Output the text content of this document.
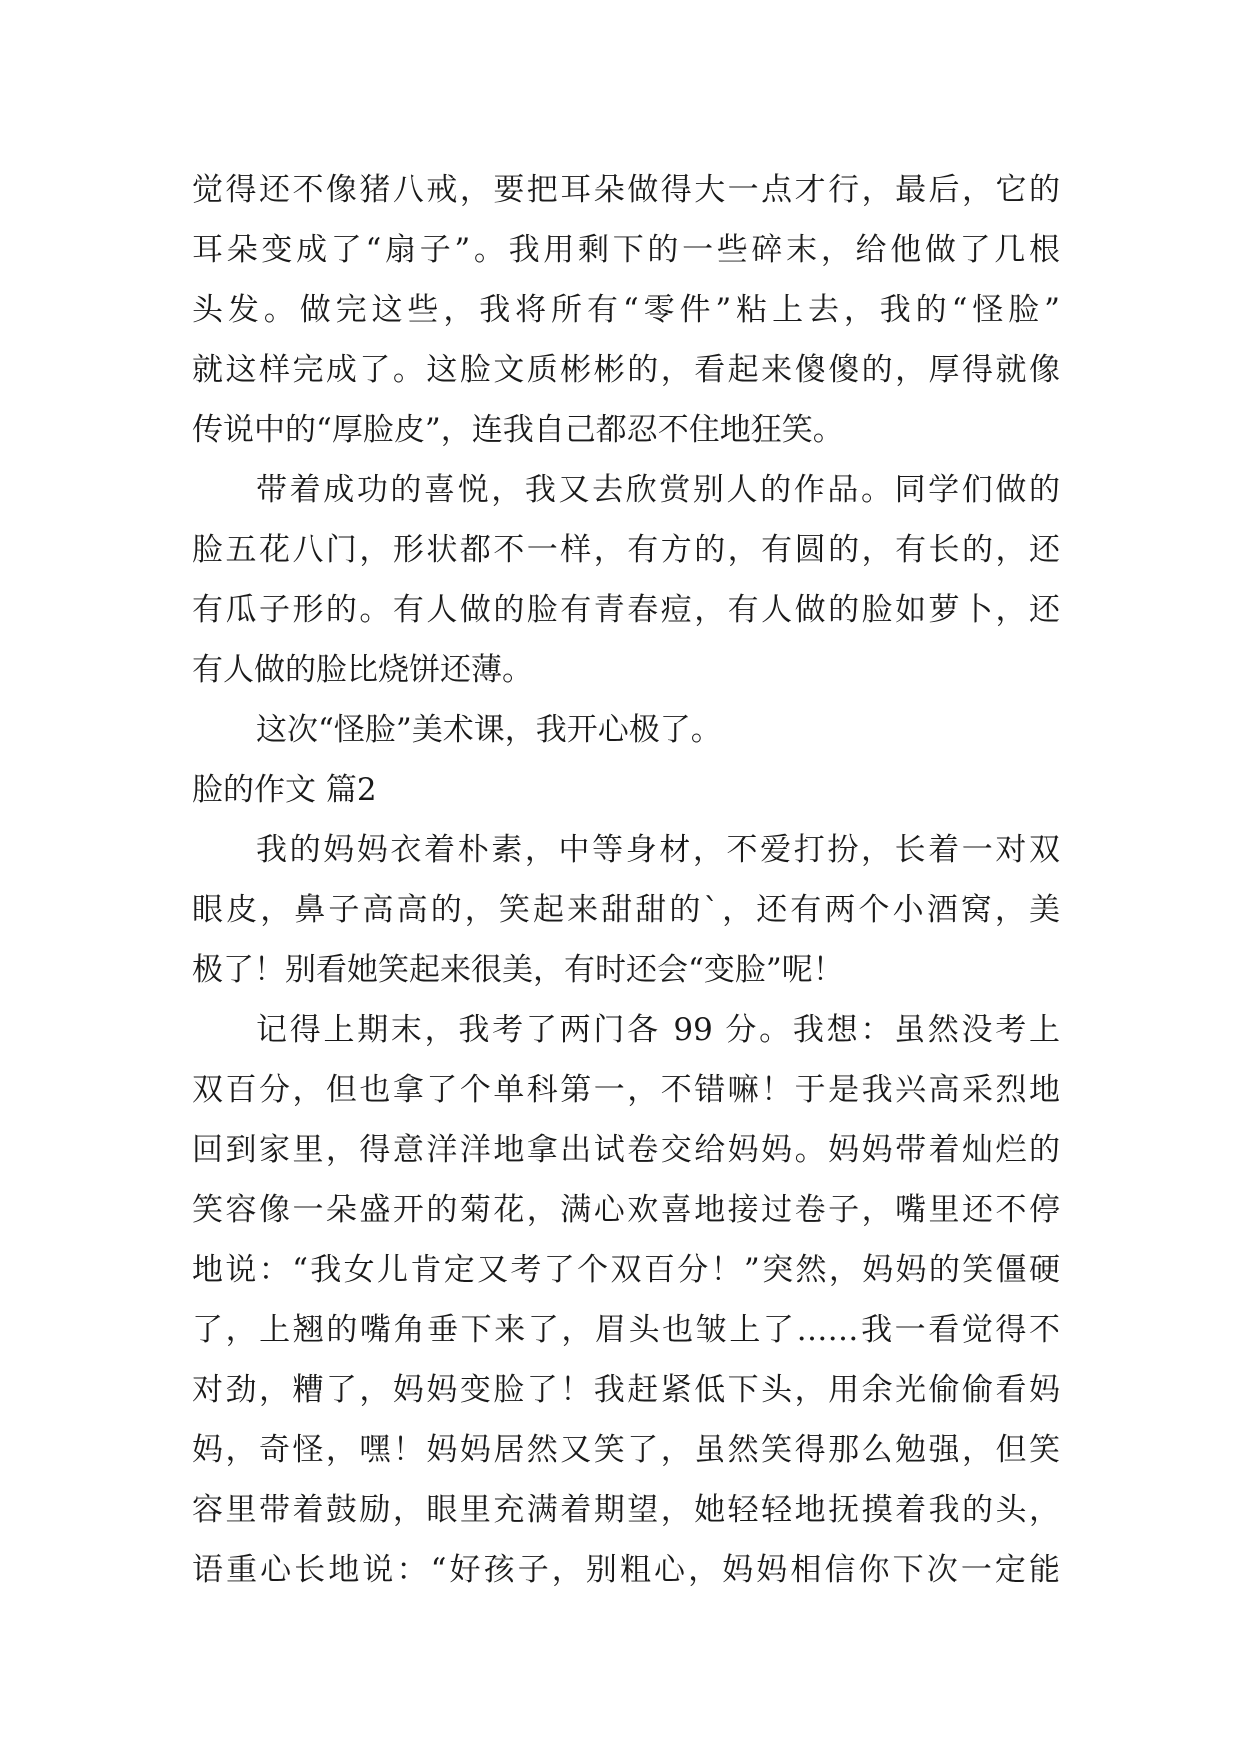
觉得还不像猪八戒，要把耳朵做得大一点才行，最后，它的
耳朵变成了“扇子”。我用剩下的一些碎末，给他做了几根
头发。做完这些，我将所有“零件”粘上去，我的“怪脸”
就这样完成了。这脸文质彬彬的，看起来傻傻的，厚得就像
传说中的“厚脸皮”，连我自己都忍不住地狂笑。
带着成功的喜悦，我又去欣赏别人的作品。同学们做的
脸五花八门，形状都不一样，有方的，有圆的，有长的，还
有瓜子形的。有人做的脸有青春痘，有人做的脸如萝卜，还
有人做的脸比烧饼还薄。
这次“怪脸”美术课，我开心极了。
脸的作文 篇2
我的妈妈衣着朴素，中等身材，不爱打扮，长着一对双
眼皮，鼻子高高的，笑起来甜甜的`，还有两个小酒窝，美
极了！别看她笑起来很美，有时还会“变脸”呢！
记得上期末，我考了两门各 99 分。我想：虽然没考上
双百分，但也拿了个单科第一，不错嘛！于是我兴高采烈地
回到家里，得意洋洋地拿出试卷交给妈妈。妈妈带着灿烂的
笑容像一朵盛开的菊花，满心欢喜地接过卷子，嘴里还不停
地说：“我女儿肯定又考了个双百分！”突然，妈妈的笑僵硬
了，上翘的嘴角垂下来了，眉头也皱上了……我一看觉得不
对劲，糟了，妈妈变脸了！我赶紧低下头，用余光偷偷看妈
妈，奇怪，嘿！妈妈居然又笑了，虽然笑得那么勉强，但笑
容里带着鼓励，眼里充满着期望，她轻轻地抚摸着我的头，
语重心长地说：“好孩子，别粗心，妈妈相信你下次一定能
